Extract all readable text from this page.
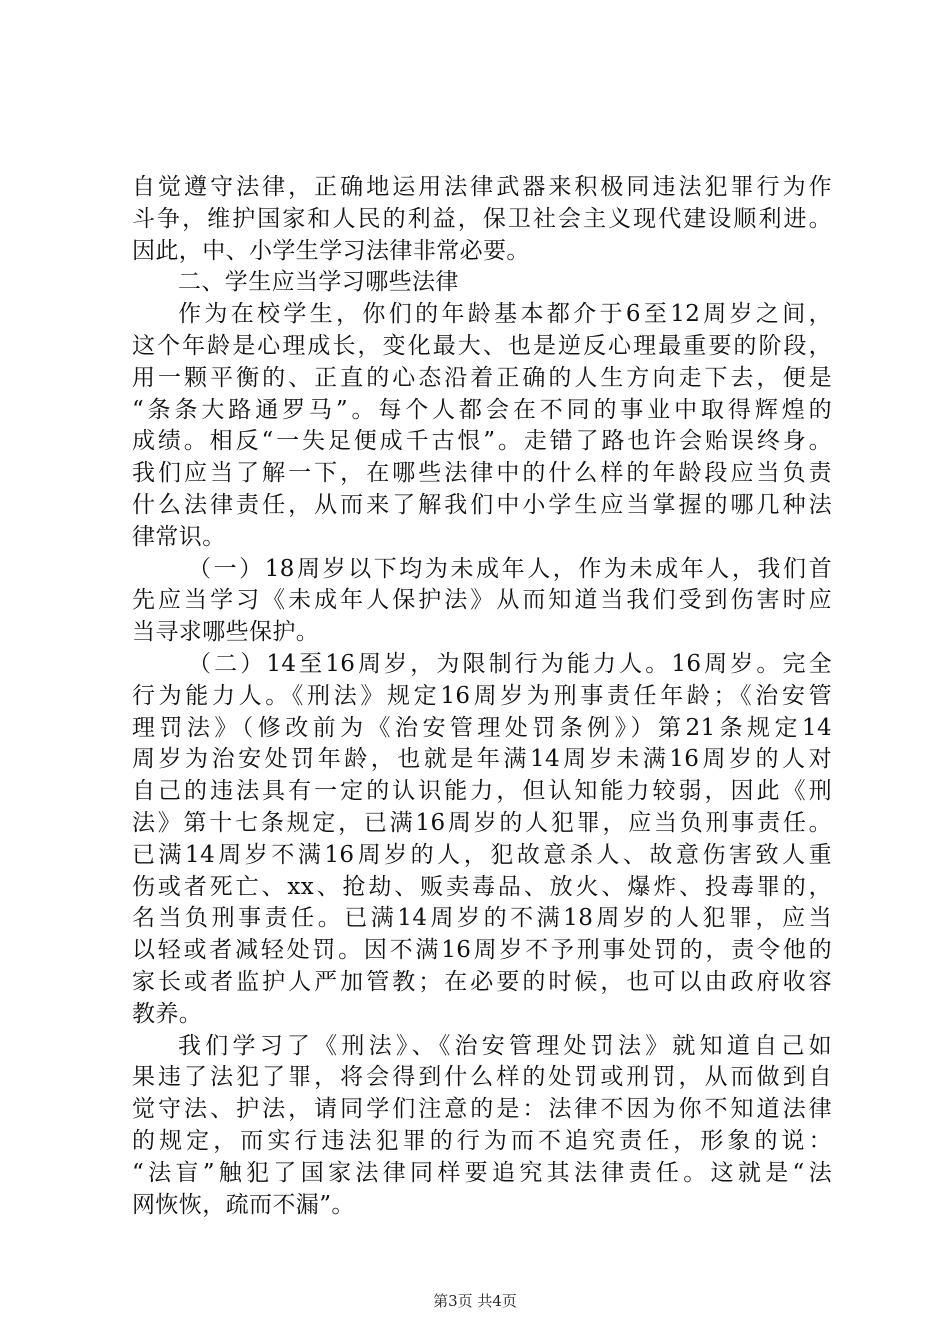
自觉遵守法律，正确地运用法律武器来积极同违法犯罪行为作
斗争，维护国家和人民的利益，保卫社会主义现代建设顺利进。
因此，中、小学生学习法律非常必要。
二、学生应当学习哪些法律
作为在校学生，你们的年龄基本都介于6至12周岁之间，
这个年龄是心理成长，变化最大、也是逆反心理最重要的阶段，
用一颗平衡的、正直的心态沿着正确的人生方向走下去，便是
“条条大路通罗马”。每个人都会在不同的事业中取得辉煌的
成绩。相反“一失足便成千古恨”。走错了路也许会贻误终身。
我们应当了解一下，在哪些法律中的什么样的年龄段应当负责
什么法律责任，从而来了解我们中小学生应当掌握的哪几种法
律常识。
（一）18周岁以下均为未成年人，作为未成年人，我们首
先应当学习《未成年人保护法》从而知道当我们受到伤害时应
当寻求哪些保护。
（二）14至16周岁，为限制行为能力人。16周岁。完全
行为能力人。《刑法》规定16周岁为刑事责任年龄；《治安管
理罚法》（修改前为《治安管理处罚条例》）第21条规定14
周岁为治安处罚年龄，也就是年满14周岁未满16周岁的人对
自己的违法具有一定的认识能力，但认知能力较弱，因此《刑
法》第十七条规定，已满16周岁的人犯罪，应当负刑事责任。
已满14周岁不满16周岁的人，犯故意杀人、故意伤害致人重
伤或者死亡、xx、抢劫、贩卖毒品、放火、爆炸、投毒罪的，
名当负刑事责任。已满14周岁的不满18周岁的人犯罪，应当
以轻或者减轻处罚。因不满16周岁不予刑事处罚的，责令他的
家长或者监护人严加管教；在必要的时候，也可以由政府收容
教养。
我们学习了《刑法》、《治安管理处罚法》就知道自己如
果违了法犯了罪，将会得到什么样的处罚或刑罚，从而做到自
觉守法、护法，请同学们注意的是：法律不因为你不知道法律
的规定，而实行违法犯罪的行为而不追究责任，形象的说：
“法盲”触犯了国家法律同样要追究其法律责任。这就是“法
网恢恢，疏而不漏”。
第3页 共4页
